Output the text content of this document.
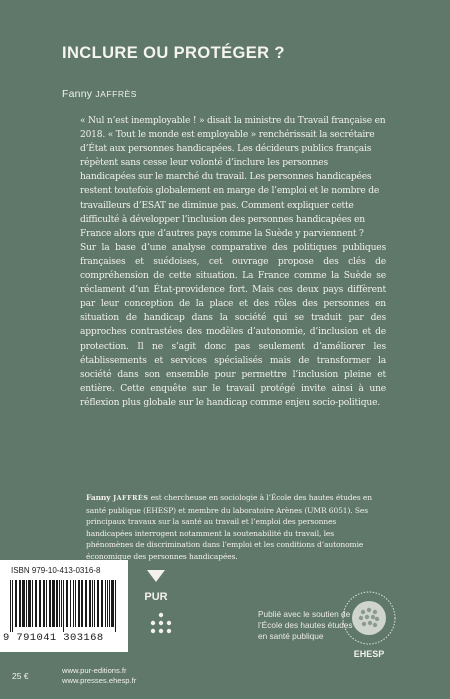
INCLURE OU PROTÉGER ?
Fanny JAFFRÈS

« Nul n’est inemployable ! » disait la ministre du Travail française en 2018. « Tout le monde est employable » renchérissait la secrétaire d’État aux personnes handicapées. Les décideurs publics français répètent sans cesse leur volonté d’inclure les personnes handicapées sur le marché du travail. Les personnes handicapées restent toutefois globalement en marge de l’emploi et le nombre de travailleurs d’ESAT ne diminue pas. Comment expliquer cette difficulté à développer l’inclusion des personnes handicapées en France alors que d’autres pays comme la Suède y parviennent ?

Sur la base d’une analyse comparative des politiques publiques françaises et suédoises, cet ouvrage propose des clés de compréhension de cette situation. La France comme la Suède se réclament d’un État-providence fort. Mais ces deux pays diffèrent par leur conception de la place et des rôles des personnes en situation de handicap dans la société qui se traduit par des approches contrastées des modèles d’autonomie, d’inclusion et de protection. Il ne s’agit donc pas seulement d’améliorer les établissements et services spécialisés mais de transformer la société dans son ensemble pour permettre l’inclusion pleine et entière. Cette enquête sur le travail protégé invite ainsi à une réflexion plus globale sur le handicap comme enjeu socio-politique.

Fanny JAFFRÈS est chercheuse en sociologie à l’École des hautes études en santé publique (EHESP) et membre du laboratoire Arènes (UMR 6051). Ses principaux travaux sur la santé au travail et l’emploi des personnes handicapées interrogent notamment la soutenabilité du travail, les phénomènes de discrimination dans l’emploi et les conditions d’autonomie économique des personnes handicapées.
ISBN 979-10-413-0316-8
9 791041 303168
PUR
Publié avec le soutien de
l’École des hautes études
en santé publique
EHESP
25 €
www.pur-editions.fr
www.presses.ehesp.fr
